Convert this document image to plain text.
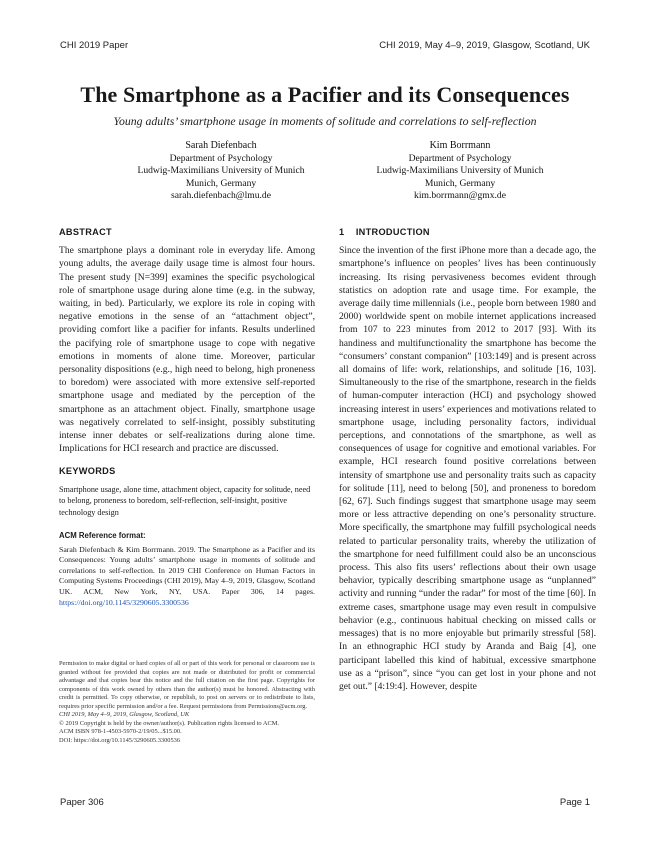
CHI 2019 Paper	CHI 2019, May 4–9, 2019, Glasgow, Scotland, UK
The Smartphone as a Pacifier and its Consequences
Young adults’ smartphone usage in moments of solitude and correlations to self-reflection
Sarah Diefenbach
Department of Psychology
Ludwig-Maximilians University of Munich
Munich, Germany
sarah.diefenbach@lmu.de
Kim Borrmann
Department of Psychology
Ludwig-Maximilians University of Munich
Munich, Germany
kim.borrmann@gmx.de
ABSTRACT

The smartphone plays a dominant role in everyday life. Among young adults, the average daily usage time is almost four hours. The present study [N=399] examines the specific psychological role of smartphone usage during alone time (e.g. in the subway, waiting, in bed). Particularly, we explore its role in coping with negative emotions in the sense of an “attachment object”, providing comfort like a pacifier for infants. Results underlined the pacifying role of smartphone usage to cope with negative emotions in moments of alone time. Moreover, particular personality dispositions (e.g., high need to belong, high proneness to boredom) were associated with more extensive self-reported smartphone usage and mediated by the perception of the smartphone as an attachment object. Finally, smartphone usage was negatively correlated to self-insight, possibly substituting intense inner debates or self-realizations during alone time. Implications for HCI research and practice are discussed.

KEYWORDS

Smartphone usage, alone time, attachment object, capacity for solitude, need to belong, proneness to boredom, self-reflection, self-insight, positive technology design

ACM Reference format:

Sarah Diefenbach & Kim Borrmann. 2019. The Smartphone as a Pacifier and its Consequences: Young adults’ smartphone usage in moments of solitude and correlations to self-reflection. In 2019 CHI Conference on Human Factors in Computing Systems Proceedings (CHI 2019), May 4–9, 2019, Glasgow, Scotland UK. ACM, New York, NY, USA. Paper 306, 14 pages. https://doi.org/10.1145/3290605.3300536

Permission to make digital or hard copies of all or part of this work for personal or classroom use is granted without fee provided that copies are not made or distributed for profit or commercial advantage and that copies bear this notice and the full citation on the first page. Copyrights for components of this work owned by others than the author(s) must be honored. Abstracting with credit is permitted. To copy otherwise, or republish, to post on servers or to redistribute to lists, requires prior specific permission and/or a fee. Request permissions from Permissions@acm.org.

CHI 2019, May 4–9, 2019, Glasgow, Scotland, UK

© 2019 Copyright is held by the owner/author(s). Publication rights licensed to ACM.

ACM ISBN 978-1-4503-5970-2/19/05...$15.00.

DOI: https://doi.org/10.1145/3290605.3300536

1    INTRODUCTION

Since the invention of the first iPhone more than a decade ago, the smartphone’s influence on peoples’ lives has been continuously increasing. Its rising pervasiveness becomes evident through statistics on adoption rate and usage time. For example, the average daily time millennials (i.e., people born between 1980 and 2000) worldwide spent on mobile internet applications increased from 107 to 223 minutes from 2012 to 2017 [93]. With its handiness and multifunctionality the smartphone has become the “consumers’ constant companion” [103:149] and is present across all domains of life: work, relationships, and solitude [16, 103]. Simultaneously to the rise of the smartphone, research in the fields of human-computer interaction (HCI) and psychology showed increasing interest in users’ experiences and motivations related to smartphone usage, including personality factors, individual perceptions, and connotations of the smartphone, as well as consequences of usage for cognitive and emotional variables. For example, HCI research found positive correlations between intensity of smartphone use and personality traits such as capacity for solitude [11], need to belong [50], and proneness to boredom [62, 67]. Such findings suggest that smartphone usage may seem more or less attractive depending on one’s personality structure. More specifically, the smartphone may fulfill psychological needs related to particular personality traits, whereby the utilization of the smartphone for need fulfillment could also be an unconscious process. This also fits users’ reflections about their own usage behavior, typically describing smartphone usage as “unplanned” activity and running “under the radar” for most of the time [60]. In extreme cases, smartphone usage may even result in compulsive behavior (e.g., continuous habitual checking on missed calls or messages) that is no more enjoyable but primarily stressful [58]. In an ethnographic HCI study by Aranda and Baig [4], one participant labelled this kind of habitual, excessive smartphone use as a “prison”, since “you can get lost in your phone and not get out.” [4:19:4]. However, despite

Paper 306	Page 1
